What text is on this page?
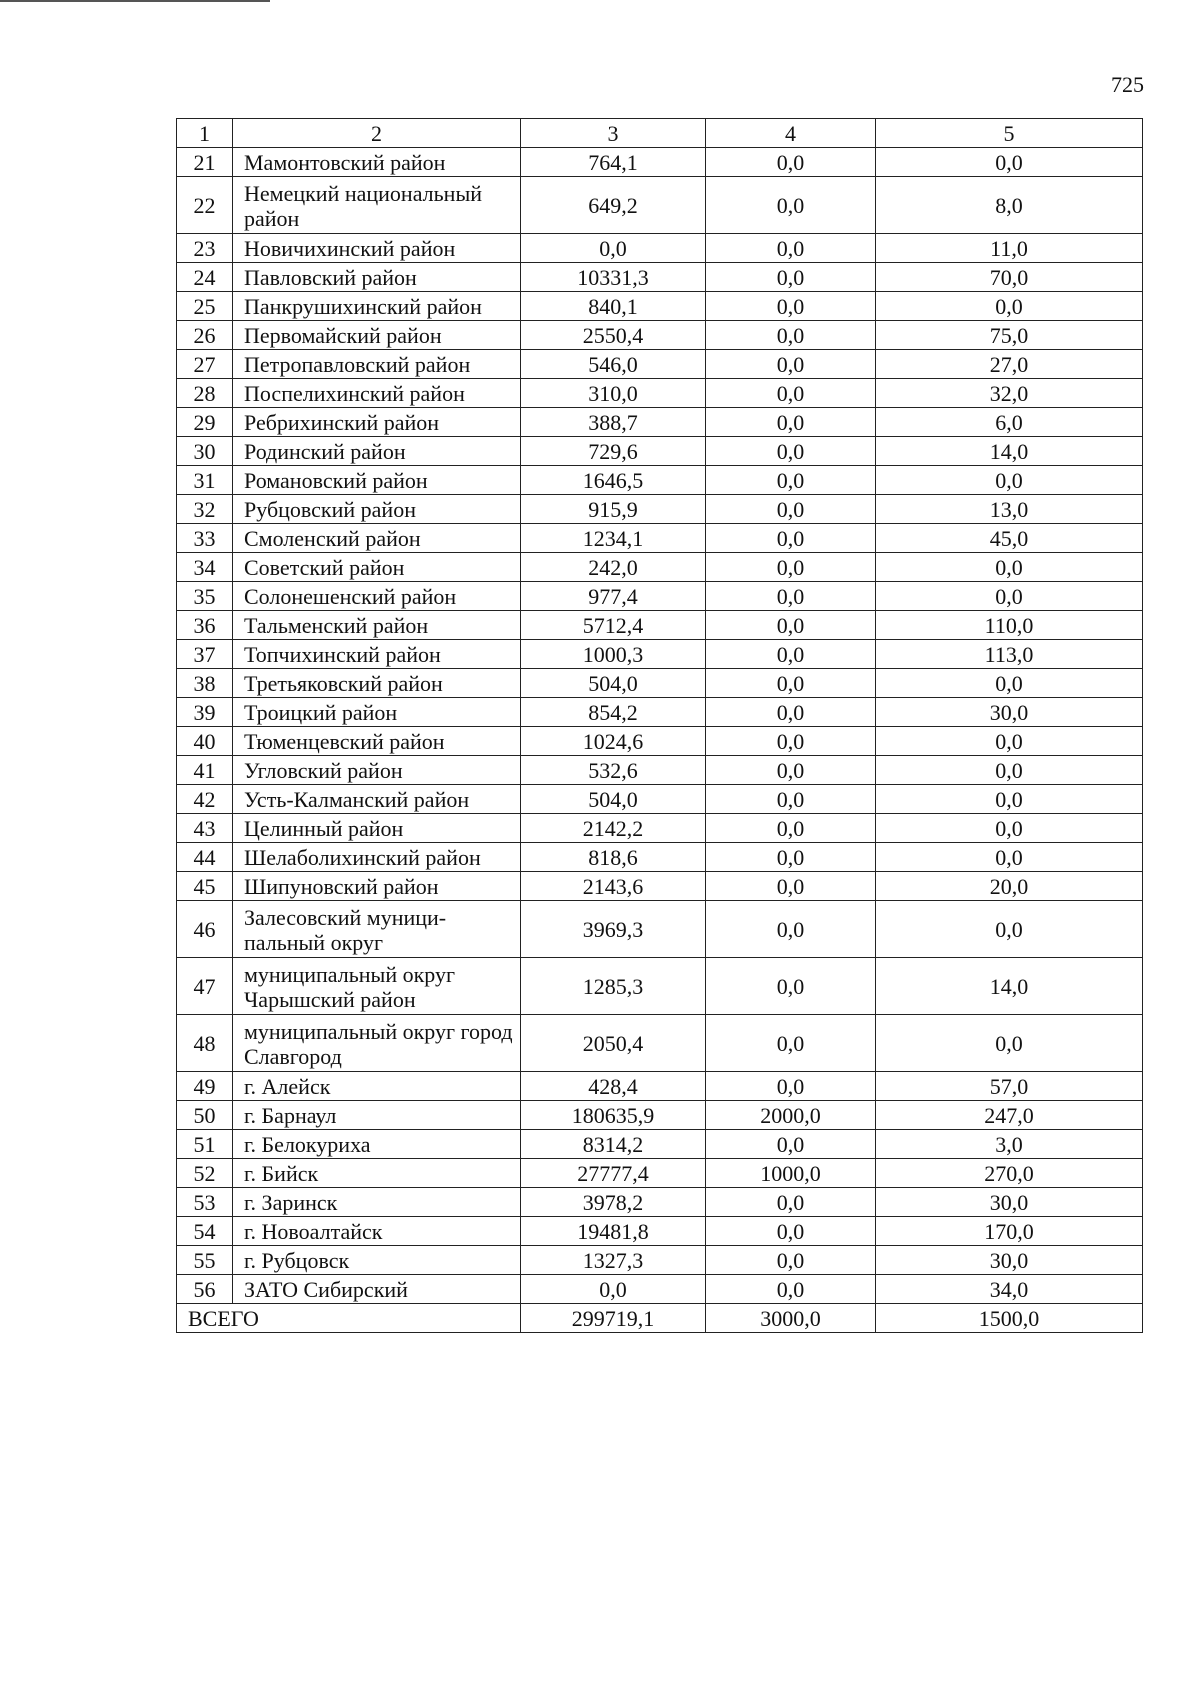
725
1	2	3	4	5
21	Мамонтовский район	764,1	0,0	0,0
22	Немецкий национальный район	649,2	0,0	8,0
23	Новичихинский район	0,0	0,0	11,0
24	Павловский район	10331,3	0,0	70,0
25	Панкрушихинский район	840,1	0,0	0,0
26	Первомайский район	2550,4	0,0	75,0
27	Петропавловский район	546,0	0,0	27,0
28	Поспелихинский район	310,0	0,0	32,0
29	Ребрихинский район	388,7	0,0	6,0
30	Родинский район	729,6	0,0	14,0
31	Романовский район	1646,5	0,0	0,0
32	Рубцовский район	915,9	0,0	13,0
33	Смоленский район	1234,1	0,0	45,0
34	Советский район	242,0	0,0	0,0
35	Солонешенский район	977,4	0,0	0,0
36	Тальменский район	5712,4	0,0	110,0
37	Топчихинский район	1000,3	0,0	113,0
38	Третьяковский район	504,0	0,0	0,0
39	Троицкий район	854,2	0,0	30,0
40	Тюменцевский район	1024,6	0,0	0,0
41	Угловский район	532,6	0,0	0,0
42	Усть-Калманский район	504,0	0,0	0,0
43	Целинный район	2142,2	0,0	0,0
44	Шелаболихинский район	818,6	0,0	0,0
45	Шипуновский район	2143,6	0,0	20,0
46	Залесовский муници-пальный округ	3969,3	0,0	0,0
47	муниципальный округ Чарышский район	1285,3	0,0	14,0
48	муниципальный округ город Славгород	2050,4	0,0	0,0
49	г. Алейск	428,4	0,0	57,0
50	г. Барнаул	180635,9	2000,0	247,0
51	г. Белокуриха	8314,2	0,0	3,0
52	г. Бийск	27777,4	1000,0	270,0
53	г. Заринск	3978,2	0,0	30,0
54	г. Новоалтайск	19481,8	0,0	170,0
55	г. Рубцовск	1327,3	0,0	30,0
56	ЗАТО Сибирский	0,0	0,0	34,0
ВСЕГО		299719,1	3000,0	1500,0
